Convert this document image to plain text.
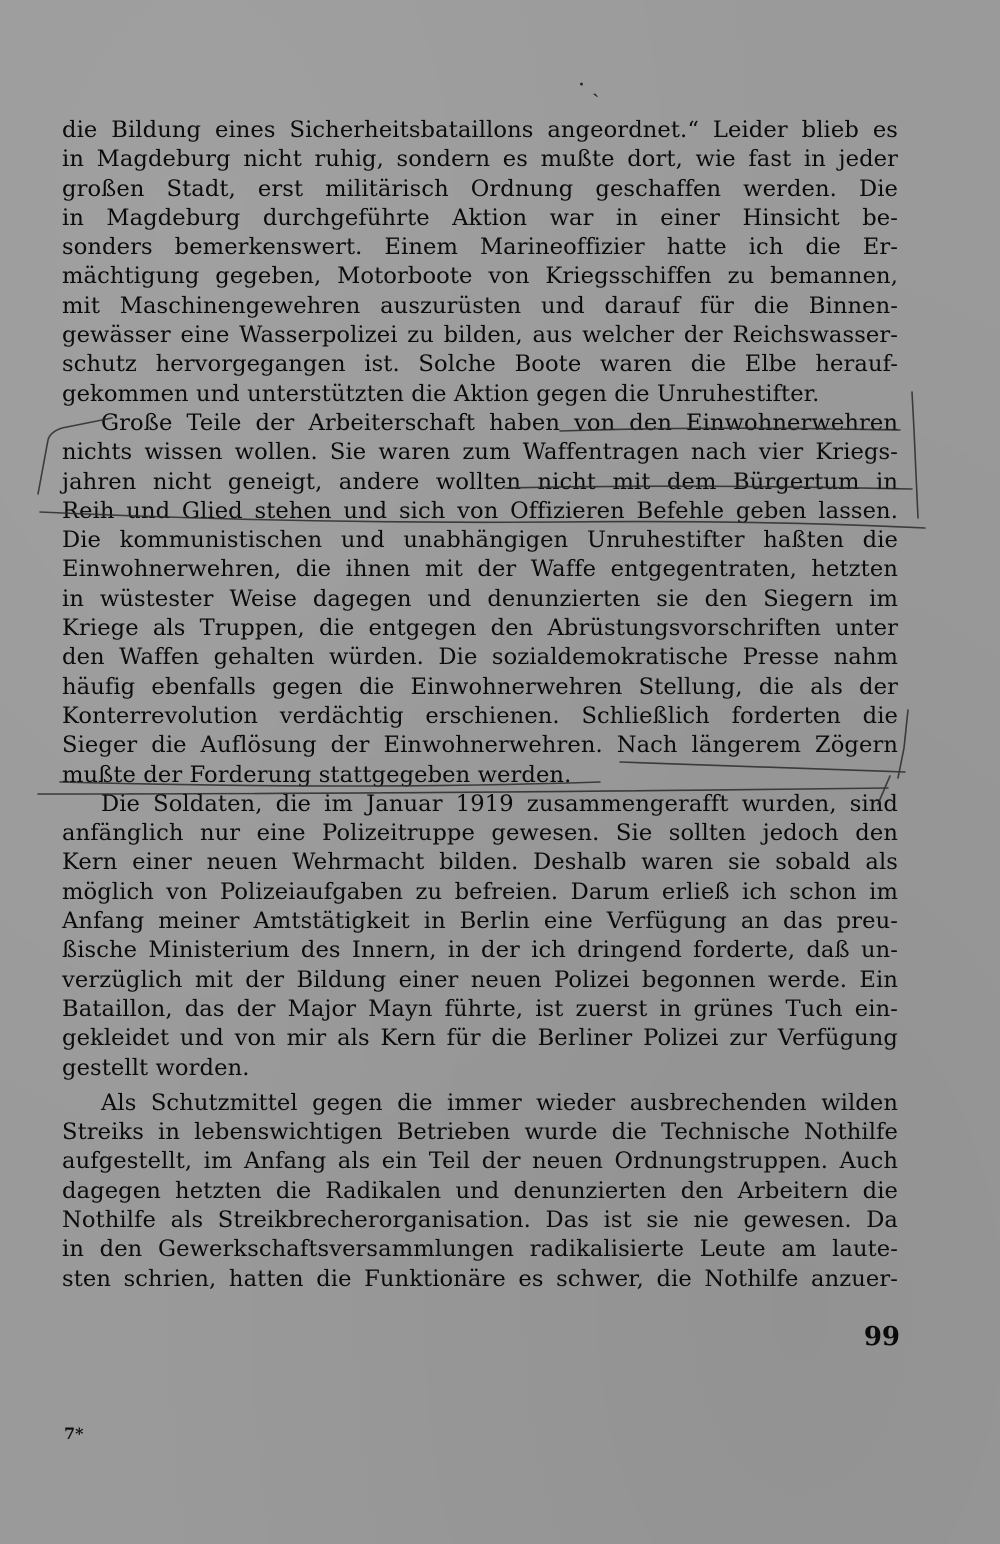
· ˎ
die Bildung eines Sicherheitsbataillons angeordnet.“ Leider blieb es
in Magdeburg nicht ruhig, sondern es mußte dort, wie fast in jeder
großen Stadt, erst militärisch Ordnung geschaffen werden. Die
in Magdeburg durchgeführte Aktion war in einer Hinsicht be-
sonders bemerkenswert. Einem Marineoffizier hatte ich die Er-
mächtigung gegeben, Motorboote von Kriegsschiffen zu bemannen,
mit Maschinengewehren auszurüsten und darauf für die Binnen-
gewässer eine Wasserpolizei zu bilden, aus welcher der Reichswasser-
schutz hervorgegangen ist. Solche Boote waren die Elbe herauf-
gekommen und unterstützten die Aktion gegen die Unruhestifter.
Große Teile der Arbeiterschaft haben von den Einwohnerwehren
nichts wissen wollen. Sie waren zum Waffentragen nach vier Kriegs-
jahren nicht geneigt, andere wollten nicht mit dem Bürgertum in
Reih und Glied stehen und sich von Offizieren Befehle geben lassen.
Die kommunistischen und unabhängigen Unruhestifter haßten die
Einwohnerwehren, die ihnen mit der Waffe entgegentraten, hetzten
in wüstester Weise dagegen und denunzierten sie den Siegern im
Kriege als Truppen, die entgegen den Abrüstungsvorschriften unter
den Waffen gehalten würden. Die sozialdemokratische Presse nahm
häufig ebenfalls gegen die Einwohnerwehren Stellung, die als der
Konterrevolution verdächtig erschienen. Schließlich forderten die
Sieger die Auflösung der Einwohnerwehren. Nach längerem Zögern
mußte der Forderung stattgegeben werden.
Die Soldaten, die im Januar 1919 zusammengerafft wurden, sind
anfänglich nur eine Polizeitruppe gewesen. Sie sollten jedoch den
Kern einer neuen Wehrmacht bilden. Deshalb waren sie sobald als
möglich von Polizeiaufgaben zu befreien. Darum erließ ich schon im
Anfang meiner Amtstätigkeit in Berlin eine Verfügung an das preu-
ßische Ministerium des Innern, in der ich dringend forderte, daß un-
verzüglich mit der Bildung einer neuen Polizei begonnen werde. Ein
Bataillon, das der Major Mayn führte, ist zuerst in grünes Tuch ein-
gekleidet und von mir als Kern für die Berliner Polizei zur Verfügung
gestellt worden.
Als Schutzmittel gegen die immer wieder ausbrechenden wilden
Streiks in lebenswichtigen Betrieben wurde die Technische Nothilfe
aufgestellt, im Anfang als ein Teil der neuen Ordnungstruppen. Auch
dagegen hetzten die Radikalen und denunzierten den Arbeitern die
Nothilfe als Streikbrecherorganisation. Das ist sie nie gewesen. Da
in den Gewerkschaftsversammlungen radikalisierte Leute am laute-
sten schrien, hatten die Funktionäre es schwer, die Nothilfe anzuer-
99
7*
